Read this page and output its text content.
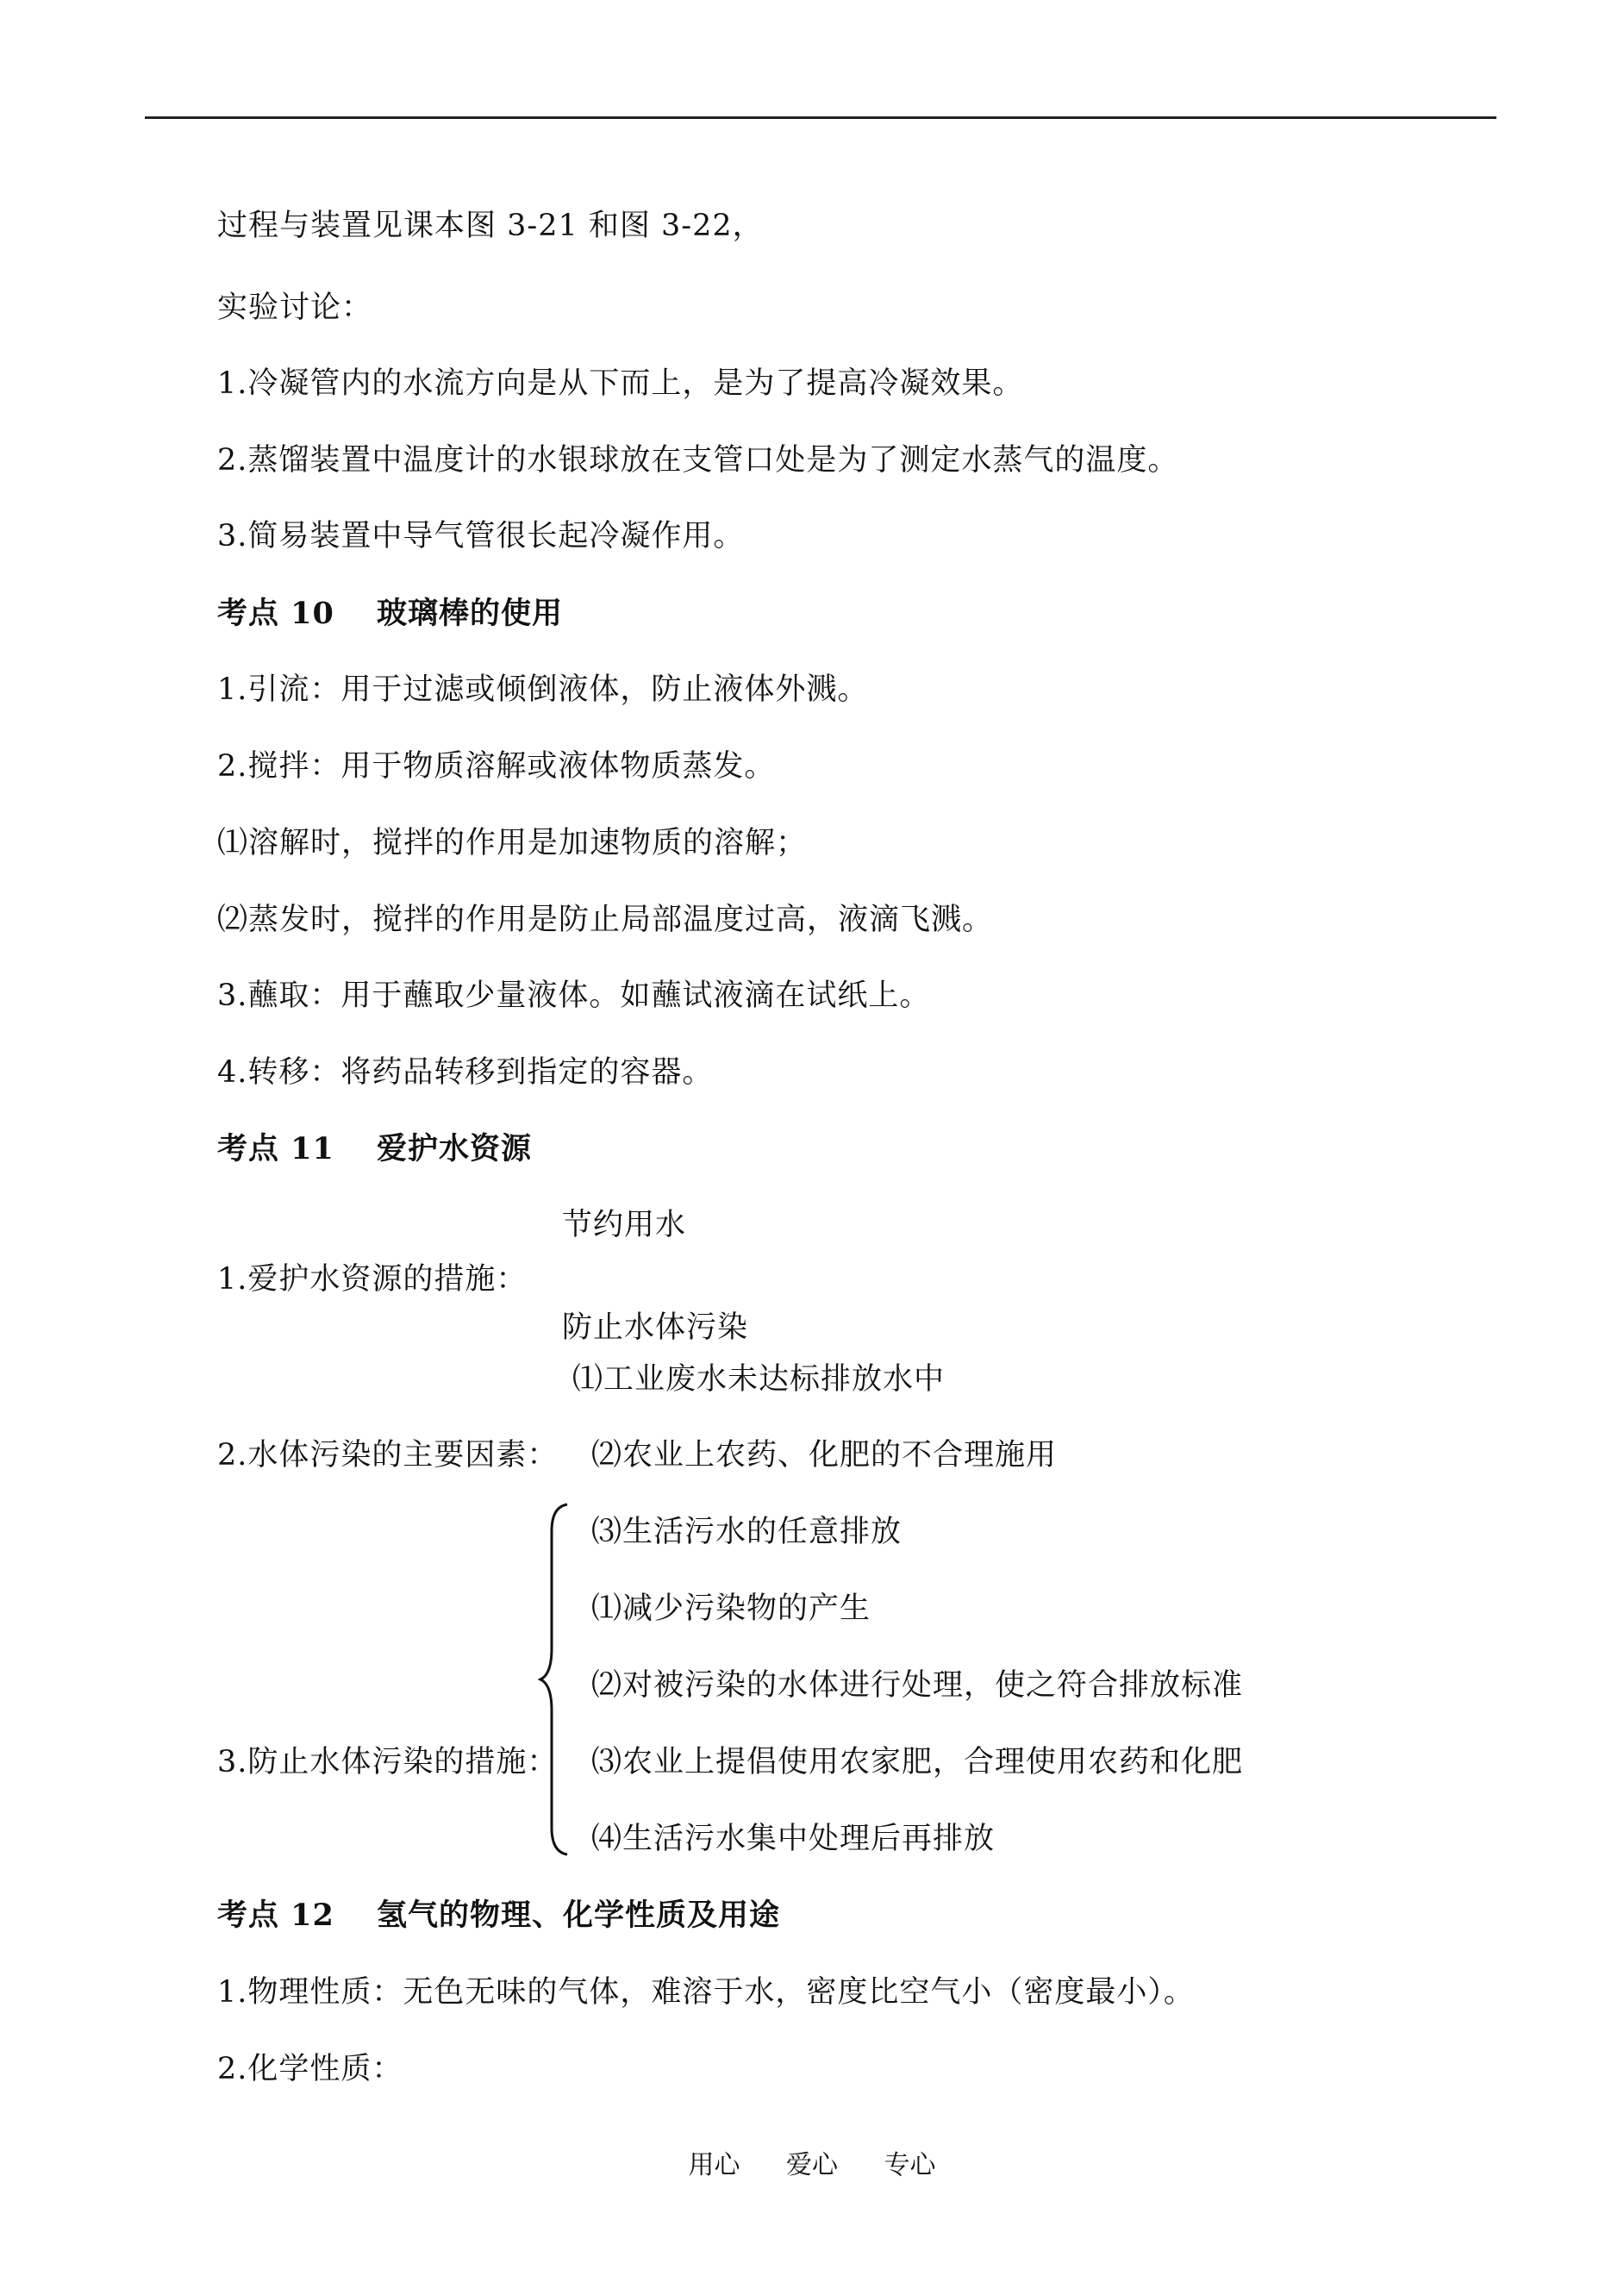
过程与装置见课本图 3-21 和图 3-22，
实验讨论：
1.冷凝管内的水流方向是从下而上，是为了提高冷凝效果。
2.蒸馏装置中温度计的水银球放在支管口处是为了测定水蒸气的温度。
3.简易装置中导气管很长起冷凝作用。
考点 10 玻璃棒的使用
1.引流：用于过滤或倾倒液体，防止液体外溅。
2.搅拌：用于物质溶解或液体物质蒸发。
⑴溶解时，搅拌的作用是加速物质的溶解；
⑵蒸发时，搅拌的作用是防止局部温度过高，液滴飞溅。
3.蘸取：用于蘸取少量液体。如蘸试液滴在试纸上。
4.转移：将药品转移到指定的容器。
考点 11 爱护水资源
节约用水
1.爱护水资源的措施：
防止水体污染
⑴工业废水未达标排放水中
2.水体污染的主要因素： ⑵农业上农药、化肥的不合理施用
⑶生活污水的任意排放
⑴减少污染物的产生
⑵对被污染的水体进行处理，使之符合排放标准
3.防止水体污染的措施： ⑶农业上提倡使用农家肥，合理使用农药和化肥
⑷生活污水集中处理后再排放
考点 12 氢气的物理、化学性质及用途
1.物理性质：无色无味的气体，难溶于水，密度比空气小（密度最小）。
2.化学性质：
用心 爱心 专心
